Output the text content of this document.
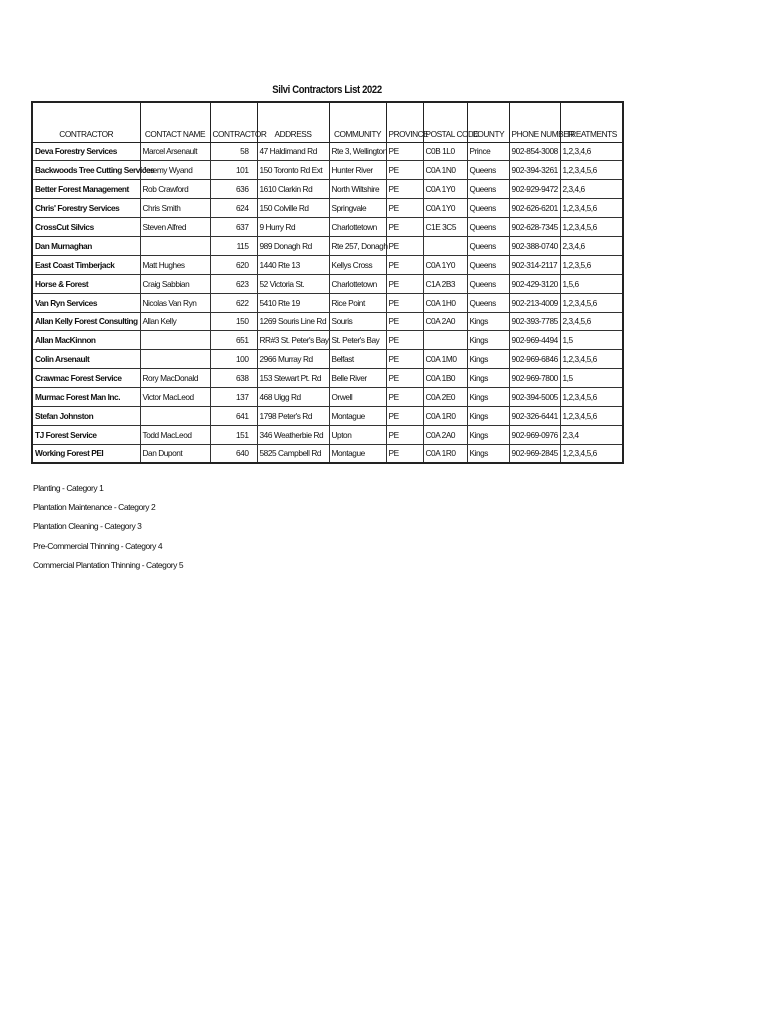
Silvi Contractors List 2022
CONTRACTOR	CONTACT NAME	CONTRACTOR	ADDRESS	COMMUNITY	PROVINCE	POSTAL CODE	COUNTY	PHONE NUMBER	TREATMENTS
Deva Forestry Services	Marcel Arsenault	58	47 Haldimand Rd	Rte 3, Wellington	PE	C0B 1L0	Prince	902-854-3008	1,2,3,4,6
Backwoods Tree Cutting Services	Jeremy Wyand	101	150 Toronto Rd Ext	Hunter River	PE	C0A 1N0	Queens	902-394-3261	1,2,3,4,5,6
Better Forest Management	Rob Crawford	636	1610 Clarkin Rd	North Wiltshire	PE	C0A 1Y0	Queens	902-929-9472	2,3,4,6
Chris' Forestry Services	Chris Smith	624	150 Colville Rd	Springvale	PE	C0A 1Y0	Queens	902-626-6201	1,2,3,4,5,6
CrossCut Silvics	Steven Alfred	637	9 Hurry Rd	Charlottetown	PE	C1E 3C5	Queens	902-628-7345	1,2,3,4,5,6
Dan Murnaghan		115	989 Donagh Rd	Rte 257, Donagh	PE		Queens	902-388-0740	2,3,4,6
East Coast Timberjack	Matt Hughes	620	1440 Rte 13	Kellys Cross	PE	C0A 1Y0	Queens	902-314-2117	1,2,3,5,6
Horse & Forest	Craig Sabbian	623	52 Victoria St.	Charlottetown	PE	C1A 2B3	Queens	902-429-3120	1,5,6
Van Ryn Services	Nicolas Van Ryn	622	5410 Rte 19	Rice Point	PE	C0A 1H0	Queens	902-213-4009	1,2,3,4,5,6
Allan Kelly Forest Consulting	Allan Kelly	150	1269 Souris Line Rd	Souris	PE	C0A 2A0	Kings	902-393-7785	2,3,4,5,6
Allan MacKinnon		651	RR#3 St. Peter's Bay	St. Peter's Bay	PE		Kings	902-969-4494	1,5
Colin Arsenault		100	2966 Murray Rd	Belfast	PE	C0A 1M0	Kings	902-969-6846	1,2,3,4,5,6
Crawmac Forest Service	Rory MacDonald	638	153 Stewart Pt. Rd	Belle River	PE	C0A 1B0	Kings	902-969-7800	1,5
Murmac Forest Man Inc.	Victor MacLeod	137	468 Uigg Rd	Orwell	PE	C0A 2E0	Kings	902-394-5005	1,2,3,4,5,6
Stefan Johnston		641	1798 Peter's Rd	Montague	PE	C0A 1R0	Kings	902-326-6441	1,2,3,4,5,6
TJ Forest Service	Todd MacLeod	151	346 Weatherbie Rd	Upton	PE	C0A 2A0	Kings	902-969-0976	2,3,4
Working Forest PEI	Dan Dupont	640	5825 Campbell Rd	Montague	PE	C0A 1R0	Kings	902-969-2845	1,2,3,4,5,6
Planting - Category 1
Plantation Maintenance - Category 2
Plantation Cleaning - Category 3
Pre-Commercial Thinning - Category 4
Commercial Plantation Thinning - Category 5
